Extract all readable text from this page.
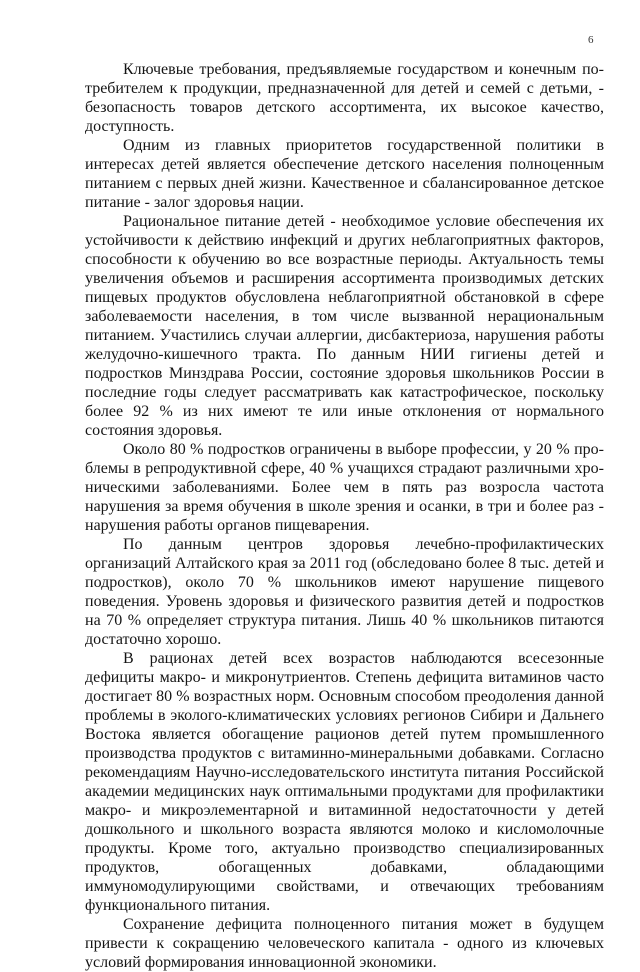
6

Ключевые требования, предъявляемые государством и конечным потребителем к продукции, предназначенной для детей и семей с детьми, - безопасность товаров детского ассортимента, их высокое качество, доступность.

Одним из главных приоритетов государственной политики в интересах детей является обеспечение детского населения полноценным питанием с первых дней жизни. Качественное и сбалансированное детское питание - залог здоровья нации.

Рациональное питание детей - необходимое условие обеспечения их устойчивости к действию инфекций и других неблагоприятных факторов, способности к обучению во все возрастные периоды. Актуальность темы увеличения объемов и расширения ассортимента производимых детских пищевых продуктов обусловлена неблагоприятной обстановкой в сфере заболеваемости населения, в том числе вызванной нерациональным питанием. Участились случаи аллергии, дисбактериоза, нарушения работы желудочно-кишечного тракта. По данным НИИ гигиены детей и подростков Минздрава России, состояние здоровья школьников России в последние годы следует рассматривать как катастрофическое, поскольку более 92 % из них имеют те или иные отклонения от нормального состояния здоровья.

Около 80 % подростков ограничены в выборе профессии, у 20 % проблемы в репродуктивной сфере, 40 % учащихся страдают различными хроническими заболеваниями. Более чем в пять раз возросла частота нарушения за время обучения в школе зрения и осанки, в три и более раз - нарушения работы органов пищеварения.

По данным центров здоровья лечебно-профилактических организаций Алтайского края за 2011 год (обследовано более 8 тыс. детей и подростков), около 70 % школьников имеют нарушение пищевого поведения. Уровень здоровья и физического развития детей и подростков на 70 % определяет структура питания. Лишь 40 % школьников питаются достаточно хорошо.

В рационах детей всех возрастов наблюдаются всесезонные дефициты макро- и микронутриентов. Степень дефицита витаминов часто достигает 80 % возрастных норм. Основным способом преодоления данной проблемы в эколого-климатических условиях регионов Сибири и Дальнего Востока является обогащение рационов детей путем промышленного производства продуктов с витаминно-минеральными добавками. Согласно рекомендациям Научно-исследовательского института питания Российской академии медицинских наук оптимальными продуктами для профилактики макро- и микроэлементарной и витаминной недостаточности у детей дошкольного и школьного возраста являются молоко и кисломолочные продукты. Кроме того, актуально производство специализированных продуктов, обогащенных добавками, обладающими иммуномодулирующими свойствами, и отвечающих требованиям функционального питания.

Сохранение дефицита полноценного питания может в будущем привести к сокращению человеческого капитала - одного из ключевых условий формирования инновационной экономики.
